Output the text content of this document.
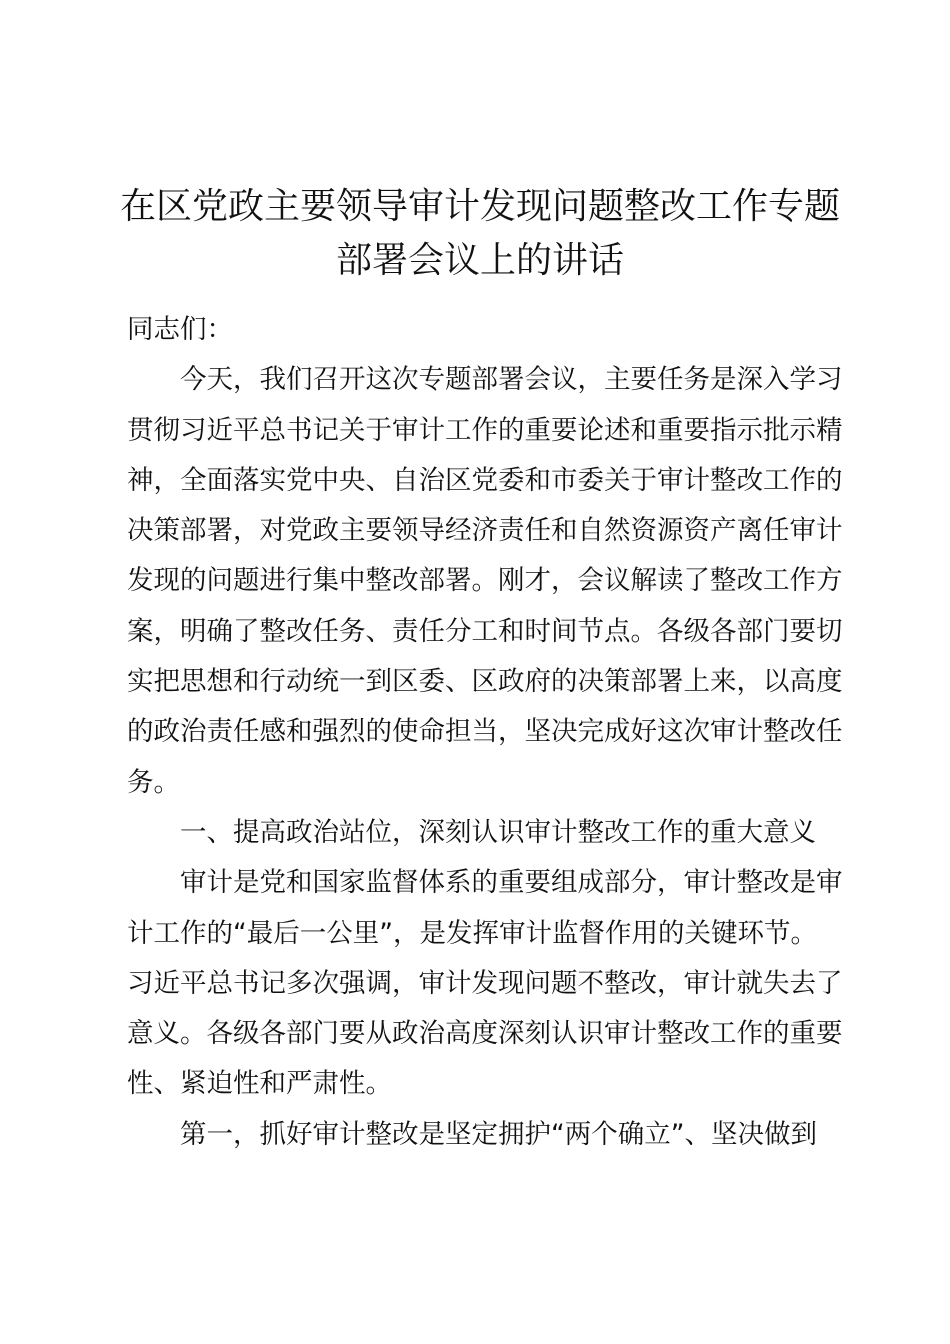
在区党政主要领导审计发现问题整改工作专题
部署会议上的讲话
同志们：
今天，我们召开这次专题部署会议，主要任务是深入学习
贯彻习近平总书记关于审计工作的重要论述和重要指示批示精
神，全面落实党中央、自治区党委和市委关于审计整改工作的
决策部署，对党政主要领导经济责任和自然资源资产离任审计
发现的问题进行集中整改部署。刚才，会议解读了整改工作方
案，明确了整改任务、责任分工和时间节点。各级各部门要切
实把思想和行动统一到区委、区政府的决策部署上来，以高度
的政治责任感和强烈的使命担当，坚决完成好这次审计整改任
务。
一、提高政治站位，深刻认识审计整改工作的重大意义
审计是党和国家监督体系的重要组成部分，审计整改是审
计工作的“最后一公里”，是发挥审计监督作用的关键环节。
习近平总书记多次强调，审计发现问题不整改，审计就失去了
意义。各级各部门要从政治高度深刻认识审计整改工作的重要
性、紧迫性和严肃性。
第一，抓好审计整改是坚定拥护“两个确立”、坚决做到
